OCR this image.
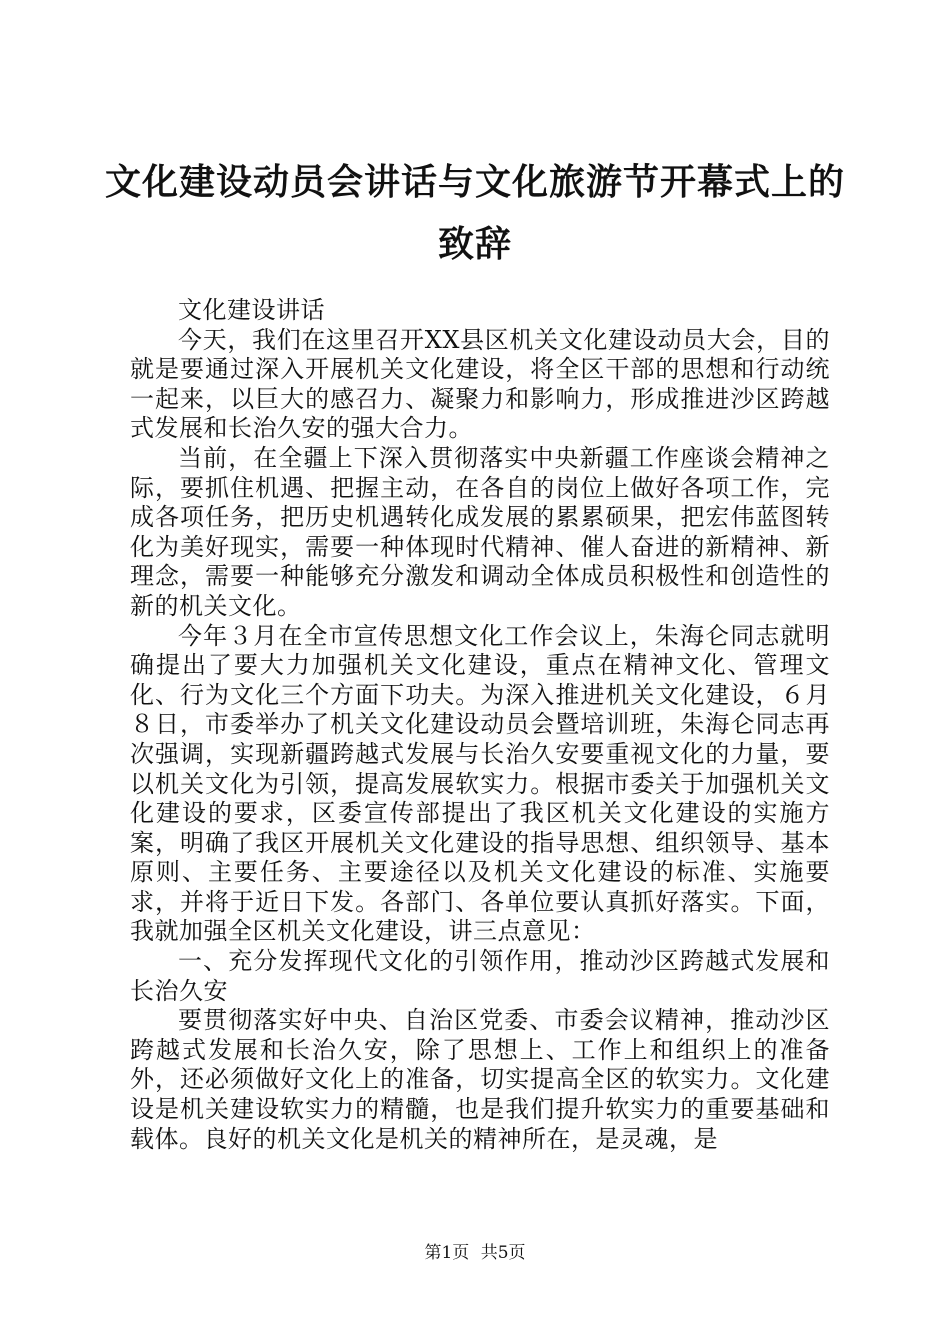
文化建设动员会讲话与文化旅游节开幕式上的
致辞

文化建设讲话

今天，我们在这里召开XX县区机关文化建设动员大会，目的就是要通过深入开展机关文化建设，将全区干部的思想和行动统一起来，以巨大的感召力、凝聚力和影响力，形成推进沙区跨越式发展和长治久安的强大合力。

当前，在全疆上下深入贯彻落实中央新疆工作座谈会精神之际，要抓住机遇、把握主动，在各自的岗位上做好各项工作，完成各项任务，把历史机遇转化成发展的累累硕果，把宏伟蓝图转化为美好现实，需要一种体现时代精神、催人奋进的新精神、新理念，需要一种能够充分激发和调动全体成员积极性和创造性的新的机关文化。

今年３月在全市宣传思想文化工作会议上，朱海仑同志就明确提出了要大力加强机关文化建设，重点在精神文化、管理文化、行为文化三个方面下功夫。为深入推进机关文化建设，６月８日，市委举办了机关文化建设动员会暨培训班，朱海仑同志再次强调，实现新疆跨越式发展与长治久安要重视文化的力量，要以机关文化为引领，提高发展软实力。根据市委关于加强机关文化建设的要求，区委宣传部提出了我区机关文化建设的实施方案，明确了我区开展机关文化建设的指导思想、组织领导、基本原则、主要任务、主要途径以及机关文化建设的标准、实施要求，并将于近日下发。各部门、各单位要认真抓好落实。下面，我就加强全区机关文化建设，讲三点意见：

一、充分发挥现代文化的引领作用，推动沙区跨越式发展和长治久安

要贯彻落实好中央、自治区党委、市委会议精神，推动沙区跨越式发展和长治久安，除了思想上、工作上和组织上的准备外，还必须做好文化上的准备，切实提高全区的软实力。文化建设是机关建设软实力的精髓，也是我们提升软实力的重要基础和载体。良好的机关文化是机关的精神所在，是灵魂，是

第1页 共5页
